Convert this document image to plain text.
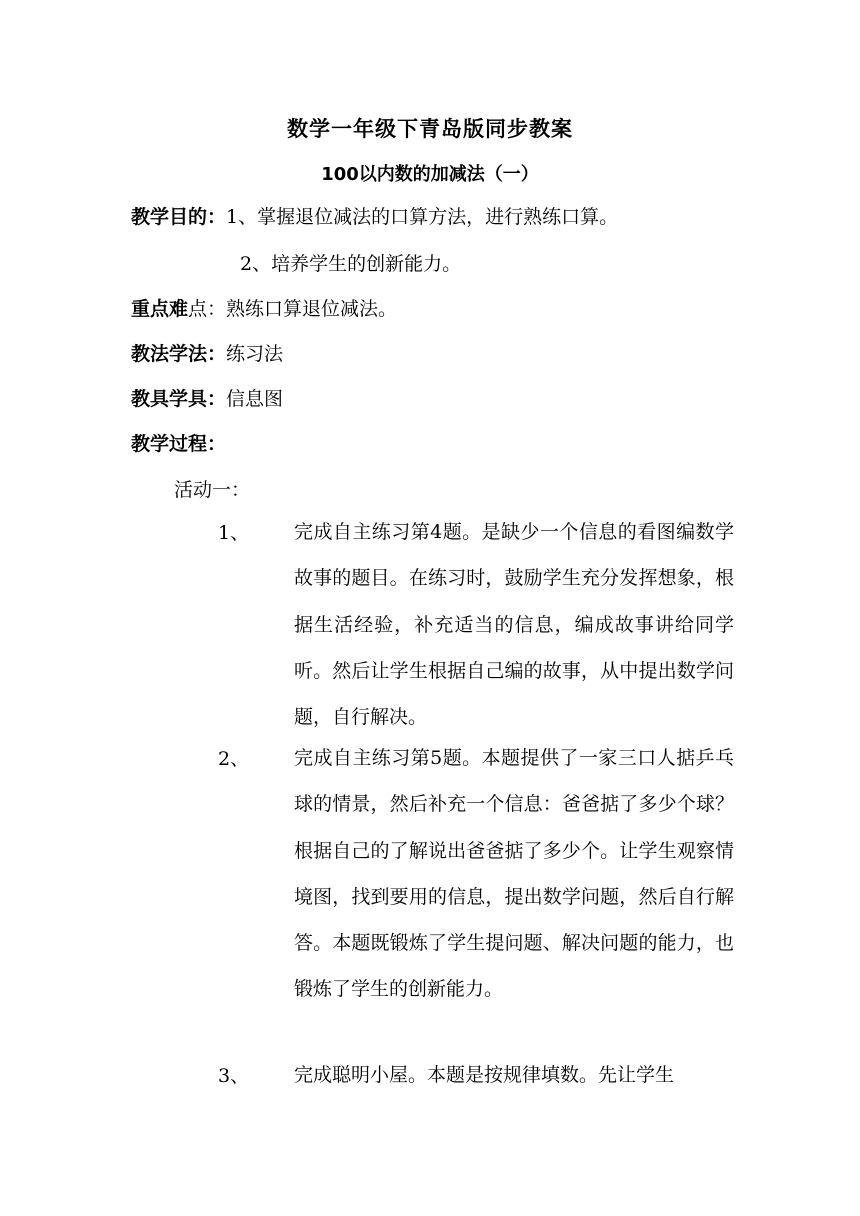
数学一年级下青岛版同步教案
100以内数的加减法（一）
教学目的：1、掌握退位减法的口算方法，进行熟练口算。
2、培养学生的创新能力。
重点难点：熟练口算退位减法。
教法学法：练习法
教具学具：信息图
教学过程：
活动一：
1、 完成自主练习第4题。是缺少一个信息的看图编数学故事的题目。在练习时，鼓励学生充分发挥想象，根据生活经验，补充适当的信息，编成故事讲给同学听。然后让学生根据自己编的故事，从中提出数学问题，自行解决。
2、 完成自主练习第5题。本题提供了一家三口人掂乒乓球的情景，然后补充一个信息：爸爸掂了多少个球？根据自己的了解说出爸爸掂了多少个。让学生观察情境图，找到要用的信息，提出数学问题，然后自行解答。本题既锻炼了学生提问题、解决问题的能力，也锻炼了学生的创新能力。
3、 完成聪明小屋。本题是按规律填数。先让学生
